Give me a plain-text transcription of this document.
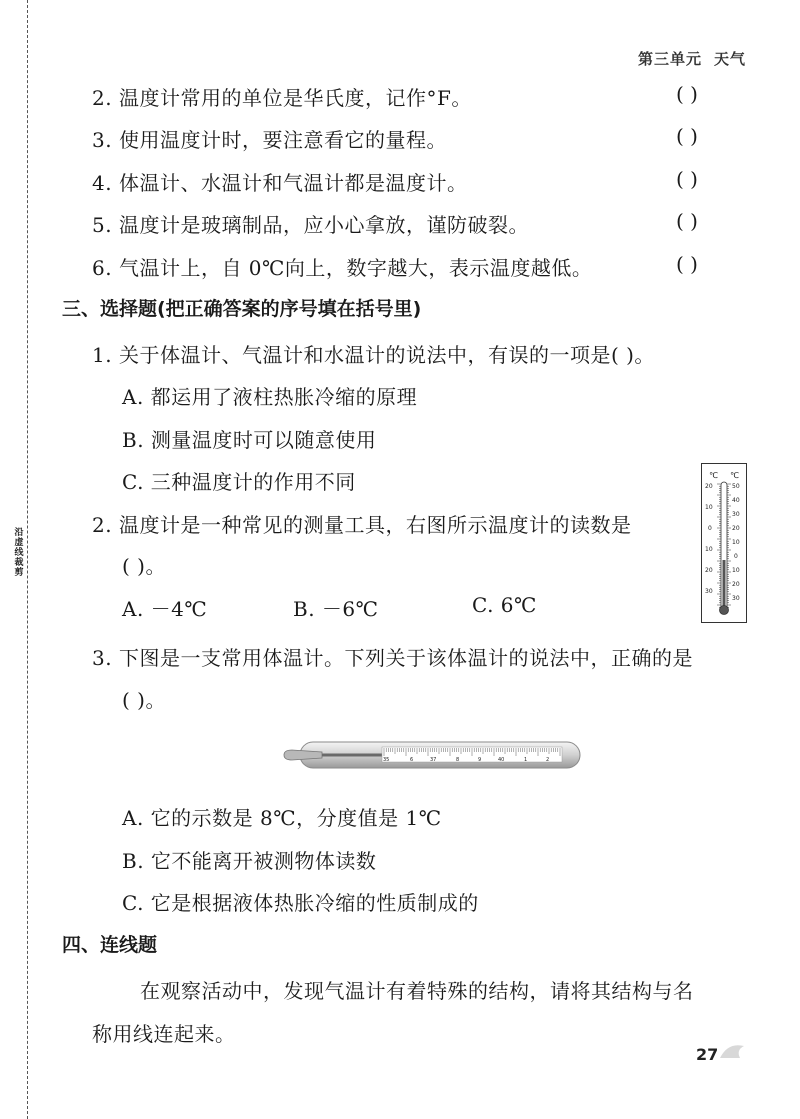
沿虚线裁剪
第三单元 天气
2. 温度计常用的单位是华氏度，记作°F。	( )
3. 使用温度计时，要注意看它的量程。	( )
4. 体温计、水温计和气温计都是温度计。	( )
5. 温度计是玻璃制品，应小心拿放，谨防破裂。	( )
6. 气温计上，自 0℃向上，数字越大，表示温度越低。	( )
三、选择题(把正确答案的序号填在括号里)
1. 关于体温计、气温计和水温计的说法中，有误的一项是( )。
A. 都运用了液柱热胀冷缩的原理
B. 测量温度时可以随意使用
C. 三种温度计的作用不同
2. 温度计是一种常见的测量工具，右图所示温度计的读数是
( )。
A. －4℃	B. －6℃	C. 6℃
℃ ℃
20
10
0
10
20
30
50
40
30
20
10
0
10
20
30
3. 下图是一支常用体温计。下列关于该体温计的说法中，正确的是
( )。
35	6	37	8	9	40	1	2
A. 它的示数是 8℃，分度值是 1℃
B. 它不能离开被测物体读数
C. 它是根据液体热胀冷缩的性质制成的
四、连线题
在观察活动中，发现气温计有着特殊的结构，请将其结构与名
称用线连起来。
27
